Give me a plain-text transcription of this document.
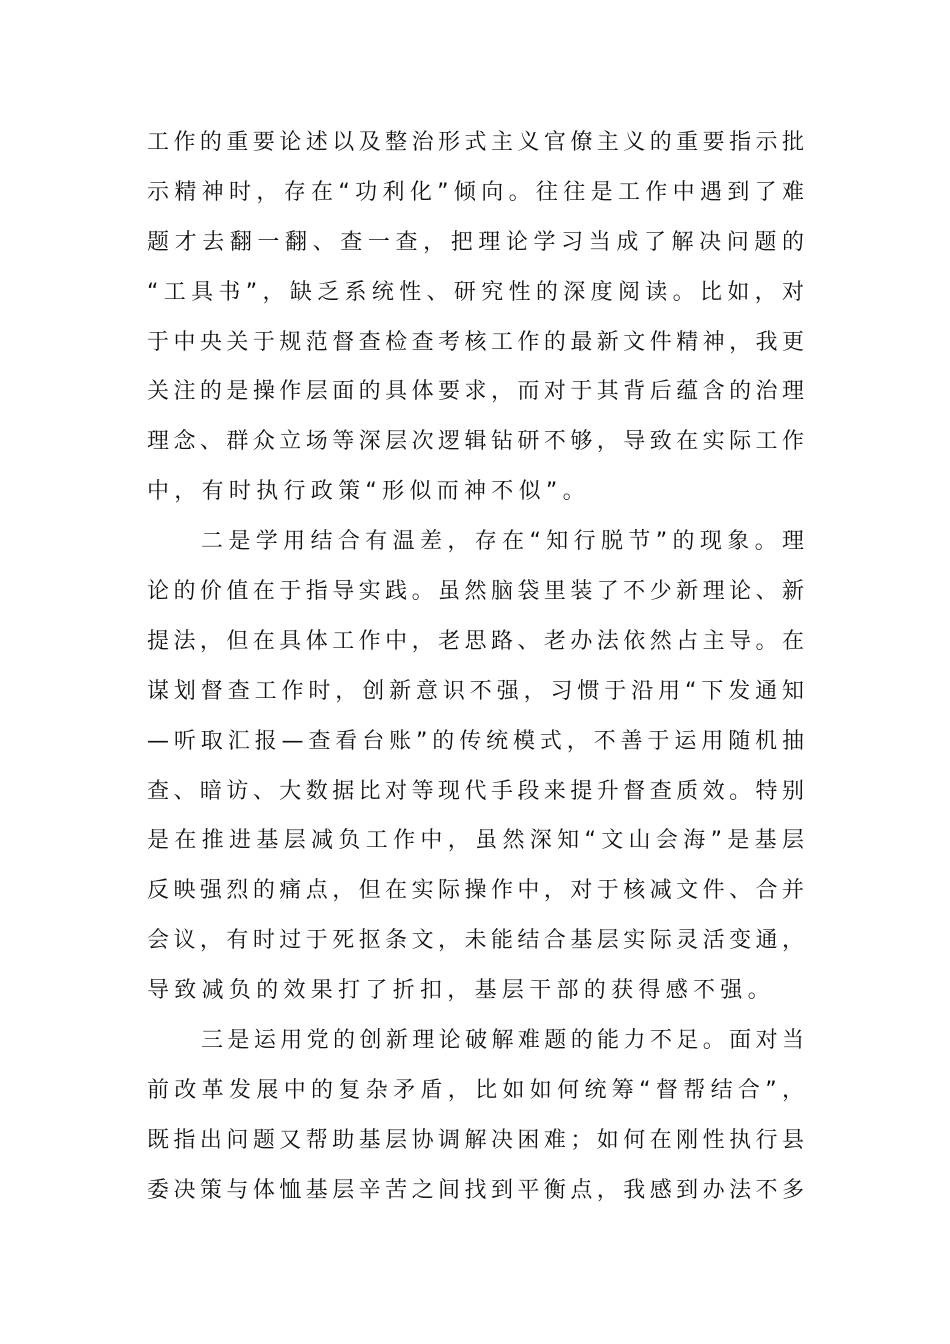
工作的重要论述以及整治形式主义官僚主义的重要指示批
示精神时，存在“功利化”倾向。往往是工作中遇到了难
题才去翻一翻、查一查，把理论学习当成了解决问题的
“工具书”，缺乏系统性、研究性的深度阅读。比如，对
于中央关于规范督查检查考核工作的最新文件精神，我更
关注的是操作层面的具体要求，而对于其背后蕴含的治理
理念、群众立场等深层次逻辑钻研不够，导致在实际工作
中，有时执行政策“形似而神不似”。
二是学用结合有温差，存在“知行脱节”的现象。理
论的价值在于指导实践。虽然脑袋里装了不少新理论、新
提法，但在具体工作中，老思路、老办法依然占主导。在
谋划督查工作时，创新意识不强，习惯于沿用“下发通知
—听取汇报—查看台账”的传统模式，不善于运用随机抽
查、暗访、大数据比对等现代手段来提升督查质效。特别
是在推进基层减负工作中，虽然深知“文山会海”是基层
反映强烈的痛点，但在实际操作中，对于核减文件、合并
会议，有时过于死抠条文，未能结合基层实际灵活变通，
导致减负的效果打了折扣，基层干部的获得感不强。
三是运用党的创新理论破解难题的能力不足。面对当
前改革发展中的复杂矛盾，比如如何统筹“督帮结合”，
既指出问题又帮助基层协调解决困难；如何在刚性执行县
委决策与体恤基层辛苦之间找到平衡点，我感到办法不多
